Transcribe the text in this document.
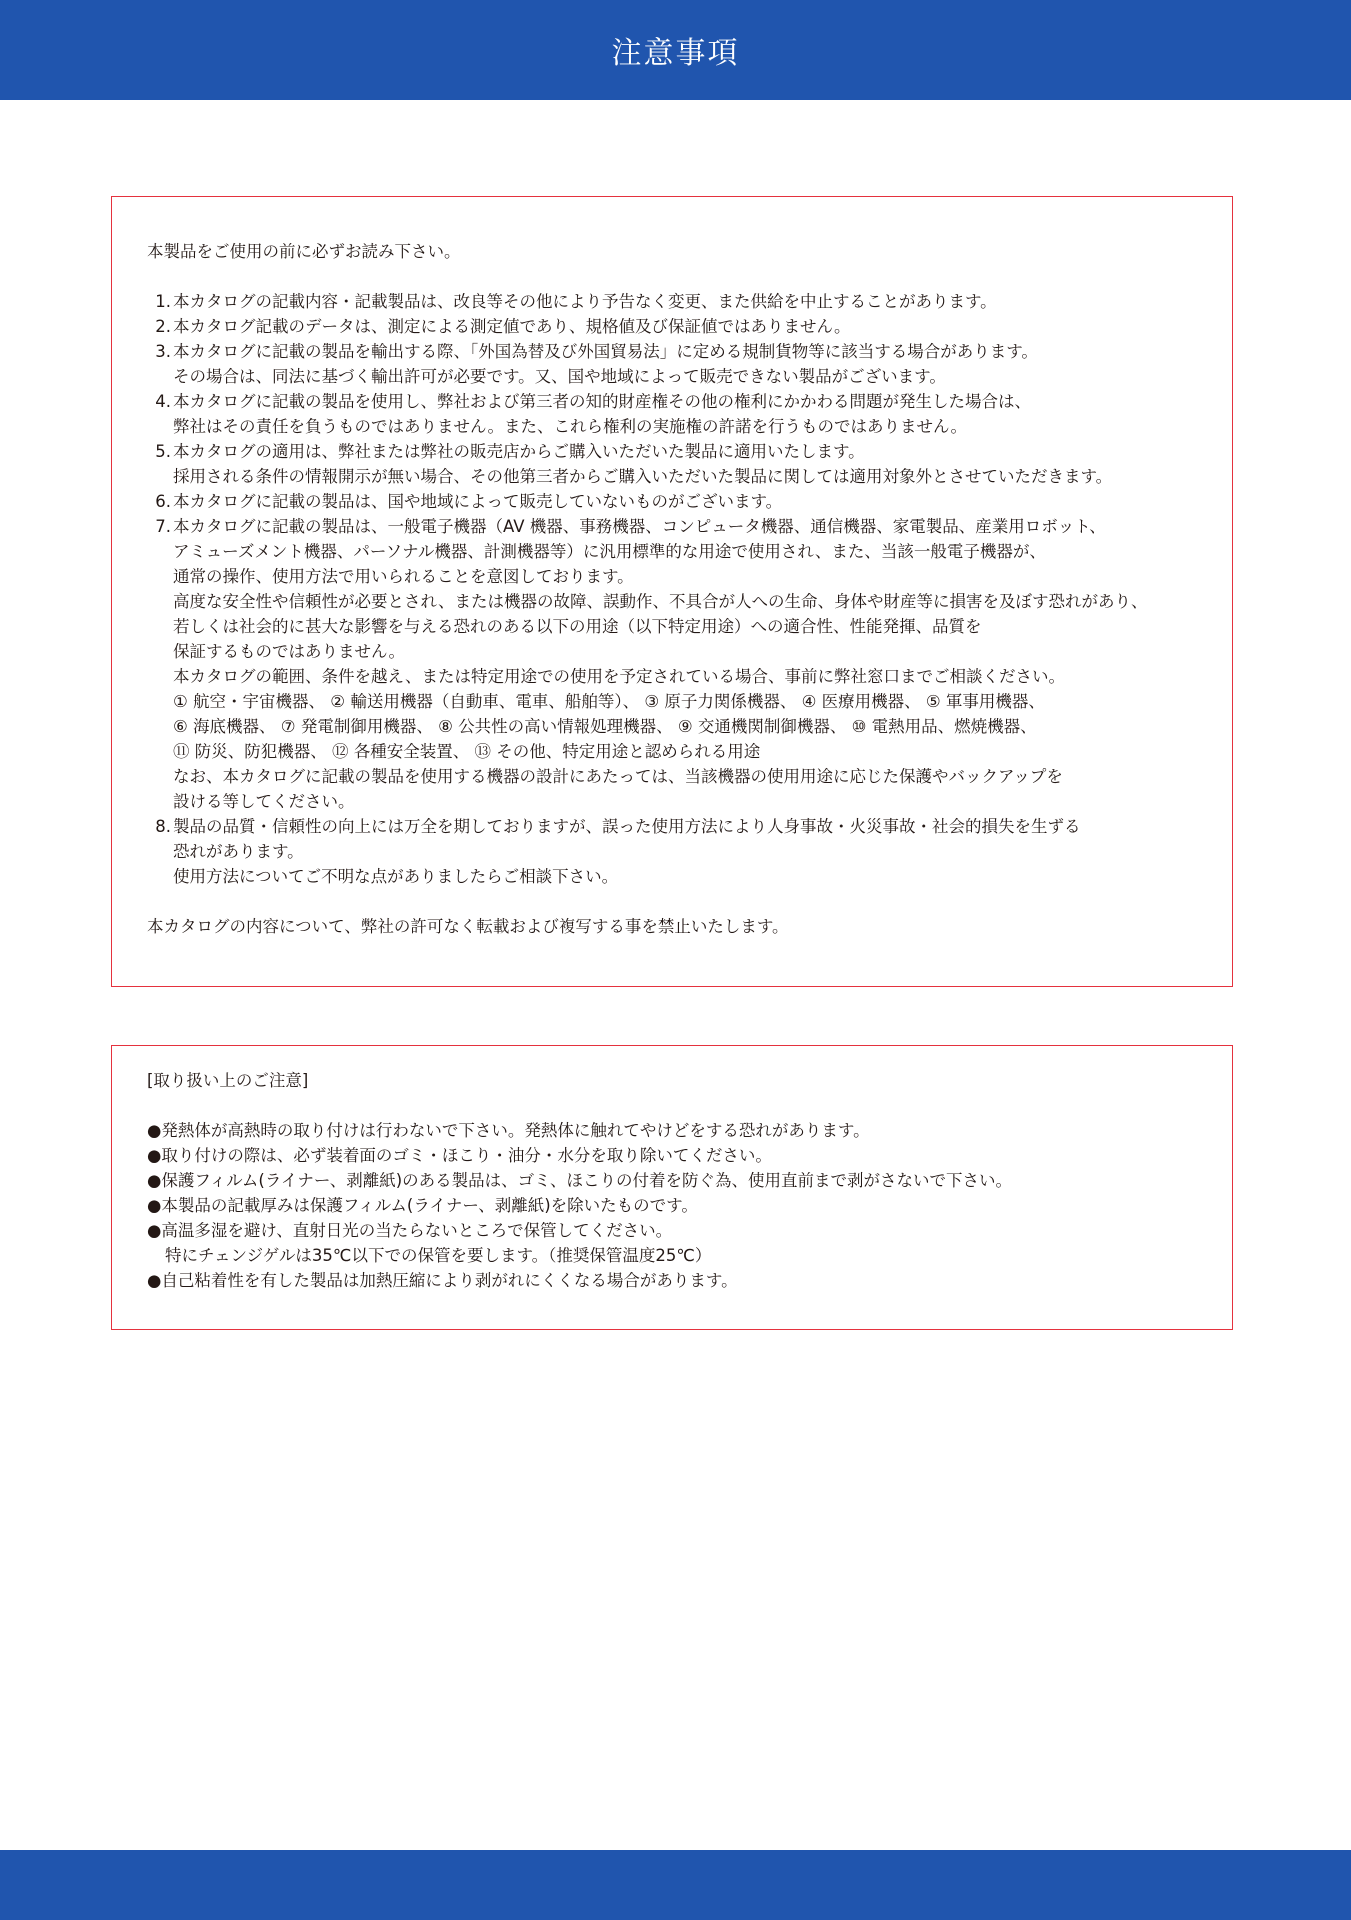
注意事項
本製品をご使用の前に必ずお読み下さい。
1. 本カタログの記載内容・記載製品は、改良等その他により予告なく変更、また供給を中止することがあります。
2. 本カタログ記載のデータは、測定による測定値であり、規格値及び保証値ではありません。
3. 本カタログに記載の製品を輸出する際、「外国為替及び外国貿易法」に定める規制貨物等に該当する場合があります。
その場合は、同法に基づく輸出許可が必要です。又、国や地域によって販売できない製品がございます。
4. 本カタログに記載の製品を使用し、弊社および第三者の知的財産権その他の権利にかかわる問題が発生した場合は、
弊社はその責任を負うものではありません。また、これら権利の実施権の許諾を行うものではありません。
5. 本カタログの適用は、弊社または弊社の販売店からご購入いただいた製品に適用いたします。
採用される条件の情報開示が無い場合、その他第三者からご購入いただいた製品に関しては適用対象外とさせていただきます。
6. 本カタログに記載の製品は、国や地域によって販売していないものがございます。
7. 本カタログに記載の製品は、一般電子機器（AV 機器、事務機器、コンピュータ機器、通信機器、家電製品、産業用ロボット、
アミューズメント機器、パーソナル機器、計測機器等）に汎用標準的な用途で使用され、また、当該一般電子機器が、
通常の操作、使用方法で用いられることを意図しております。
高度な安全性や信頼性が必要とされ、または機器の故障、誤動作、不具合が人への生命、身体や財産等に損害を及ぼす恐れがあり、
若しくは社会的に甚大な影響を与える恐れのある以下の用途（以下特定用途）への適合性、性能発揮、品質を
保証するものではありません。
本カタログの範囲、条件を越え、または特定用途での使用を予定されている場合、事前に弊社窓口までご相談ください。
① 航空・宇宙機器、 ② 輸送用機器（自動車、電車、船舶等）、 ③ 原子力関係機器、 ④ 医療用機器、 ⑤ 軍事用機器、
⑥ 海底機器、 ⑦ 発電制御用機器、 ⑧ 公共性の高い情報処理機器、 ⑨ 交通機関制御機器、 ⑩ 電熱用品、燃焼機器、
⑪ 防災、防犯機器、 ⑫ 各種安全装置、 ⑬ その他、特定用途と認められる用途
なお、本カタログに記載の製品を使用する機器の設計にあたっては、当該機器の使用用途に応じた保護やバックアップを
設ける等してください。
8. 製品の品質・信頼性の向上には万全を期しておりますが、誤った使用方法により人身事故・火災事故・社会的損失を生ずる
恐れがあります。
使用方法についてご不明な点がありましたらご相談下さい。
本カタログの内容について、弊社の許可なく転載および複写する事を禁止いたします。
[取り扱い上のご注意]
●発熱体が高熱時の取り付けは行わないで下さい。発熱体に触れてやけどをする恐れがあります。
●取り付けの際は、必ず装着面のゴミ・ほこり・油分・水分を取り除いてください。
●保護フィルム(ライナー、剥離紙)のある製品は、ゴミ、ほこりの付着を防ぐ為、使用直前まで剥がさないで下さい。
●本製品の記載厚みは保護フィルム(ライナー、剥離紙)を除いたものです。
●高温多湿を避け、直射日光の当たらないところで保管してください。
特にチェンジゲルは35℃以下での保管を要します。（推奨保管温度25℃）
●自己粘着性を有した製品は加熱圧縮により剥がれにくくなる場合があります。
